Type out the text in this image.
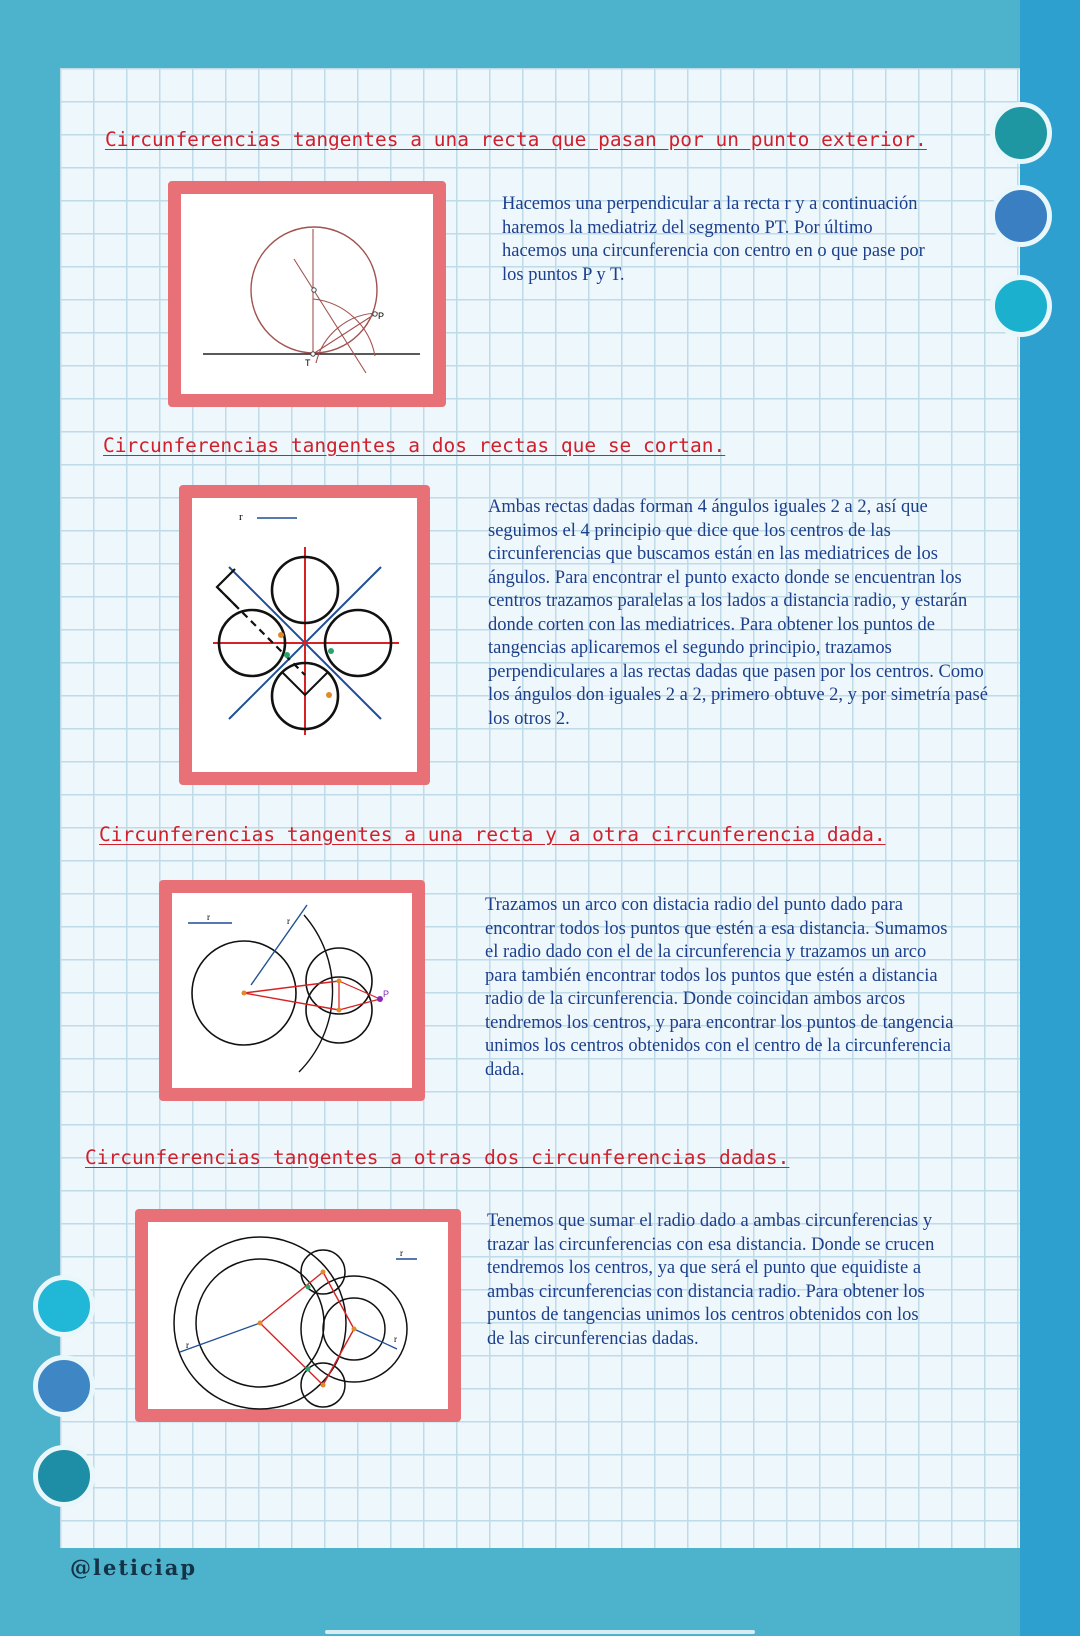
Circunferencias tangentes a una recta que pasan por un punto exterior.
P
T

Hacemos una perpendicular a la recta r y a continuación haremos la mediatriz del segmento PT. Por último hacemos una circunferencia con centro en o que pase por los puntos P y T.

Circunferencias tangentes a dos rectas que se cortan.
r	Ambas rectas dadas forman 4 ángulos iguales 2 a 2, así que seguimos el 4 principio que dice que los centros de las circunferencias que buscamos están en las mediatrices de los ángulos. Para encontrar el punto exacto donde se encuentran los centros trazamos paralelas a los lados a distancia radio, y estarán donde corten con las mediatrices. Para obtener los puntos de tangencias aplicaremos el segundo principio, trazamos perpendiculares a las rectas dadas que pasen por los centros. Como los ángulos don iguales 2 a 2, primero obtuve 2, y por simetría pasé los otros 2.

Circunferencias tangentes a una recta y a otra circunferencia dada.
r	r
P

Trazamos un arco con distacia radio del punto dado para encontrar todos los puntos que estén a esa distancia. Sumamos el radio dado con el de la circunferencia y trazamos un arco para también encontrar todos los puntos que estén a distancia radio de la circunferencia. Donde coincidan ambos arcos tendremos los centros, y para encontrar los puntos de tangencia unimos los centros obtenidos con el centro de la circunferencia dada.

Circunferencias tangentes a otras dos circunferencias dadas.
r
r
r

Tenemos que sumar el radio dado a ambas circunferencias y trazar las circunferencias con esa distancia. Donde se crucen tendremos los centros, ya que será el punto que equidiste a ambas circunferencias con distancia radio. Para obtener los puntos de tangencias unimos los centros obtenidos con los de las circunferencias dadas.

@leticiap
